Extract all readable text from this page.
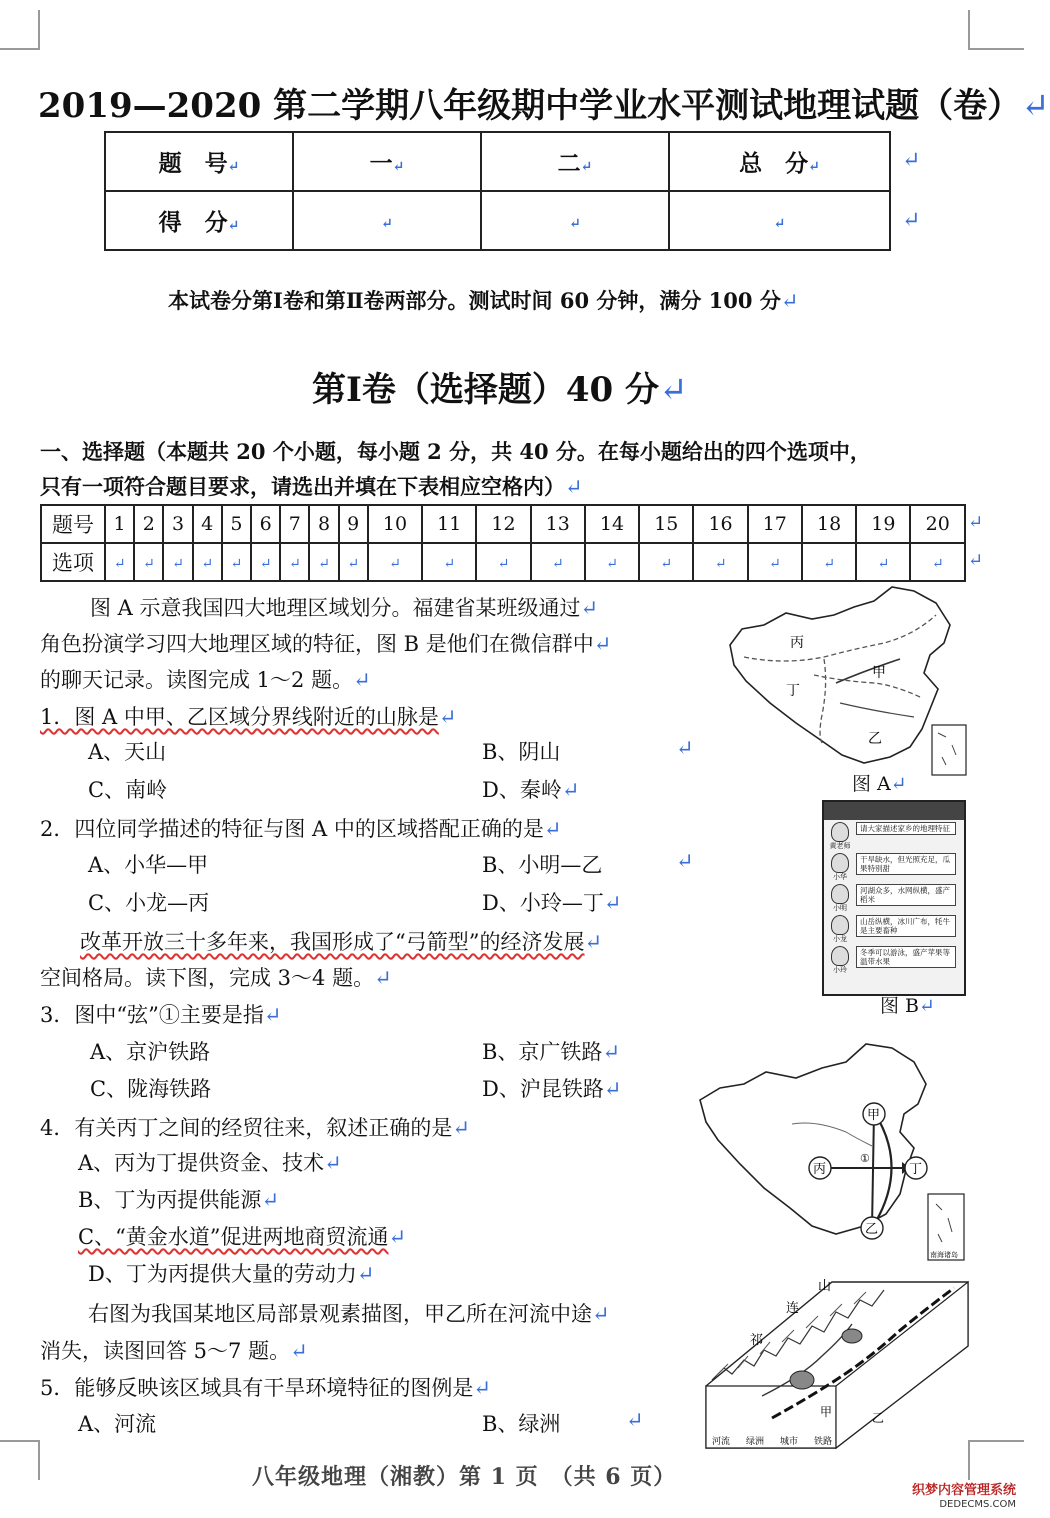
2019—2020 第二学期八年级期中学业水平测试地理试题（卷）↵
题　号↵	一↵	二↵	总　分↵
得　分↵	↵	↵	↵
↵
↵
本试卷分第Ⅰ卷和第Ⅱ卷两部分。测试时间 60 分钟，满分 100 分↵
第Ⅰ卷（选择题）40 分↵
一、选择题（本题共 20 个小题，每小题 2 分，共 40 分。在每小题给出的四个选项中，
只有一项符合题目要求，请选出并填在下表相应空格内）↵
题号	1	2	3	4	5	6	7	8	9	10	11	12	13	14	15	16	17	18	19	20
选项	↵	↵	↵	↵	↵	↵	↵	↵	↵	↵	↵	↵	↵	↵	↵	↵	↵	↵	↵	↵
↵
↵
图 A 示意我国四大地理区域划分。福建省某班级通过↵
角色扮演学习四大地理区域的特征，图 B 是他们在微信群中↵
的聊天记录。读图完成 1～2 题。↵
1．图 A 中甲、乙区域分界线附近的山脉是↵
A、天山	B、阴山	↵
C、南岭	D、秦岭↵
2．四位同学描述的特征与图 A 中的区域搭配正确的是↵
A、小华—甲	B、小明—乙	↵
C、小龙—丙	D、小玲—丁↵
改革开放三十多年来，我国形成了“弓箭型”的经济发展↵
空间格局。读下图，完成 3～4 题。↵
3．图中“弦”①主要是指↵
A、京沪铁路	B、京广铁路↵
C、陇海铁路	D、沪昆铁路↵
4．有关丙丁之间的经贸往来，叙述正确的是↵
A、丙为丁提供资金、技术↵
B、丁为丙提供能源↵
C、“黄金水道”促进两地商贸流通↵
D、丁为丙提供大量的劳动力↵
右图为我国某地区局部景观素描图，甲乙所在河流中途↵
消失，读图回答 5～7 题。↵
5．能够反映该区域具有干旱环境特征的图例是↵
A、河流	B、绿洲	↵
丙
甲
丁
乙
图 A↵
黄老师
请大家描述家乡的地理特征
小华
干旱缺水，但光照充足，瓜果特别甜
小明
河湖众多，水网纵横，盛产稻米
小龙
山岳纵横，冰川广布，牦牛是主要畜种
小玲
冬季可以游泳，盛产苹果等温带水果
图 B↵
甲
丙
①
丁
乙
南海诸岛
祁
连
山
甲	乙
河流 绿洲 城市 铁路
八年级地理（湘教）第 1 页　（共 6 页）
织梦内容管理系统
DEDECMS.COM
